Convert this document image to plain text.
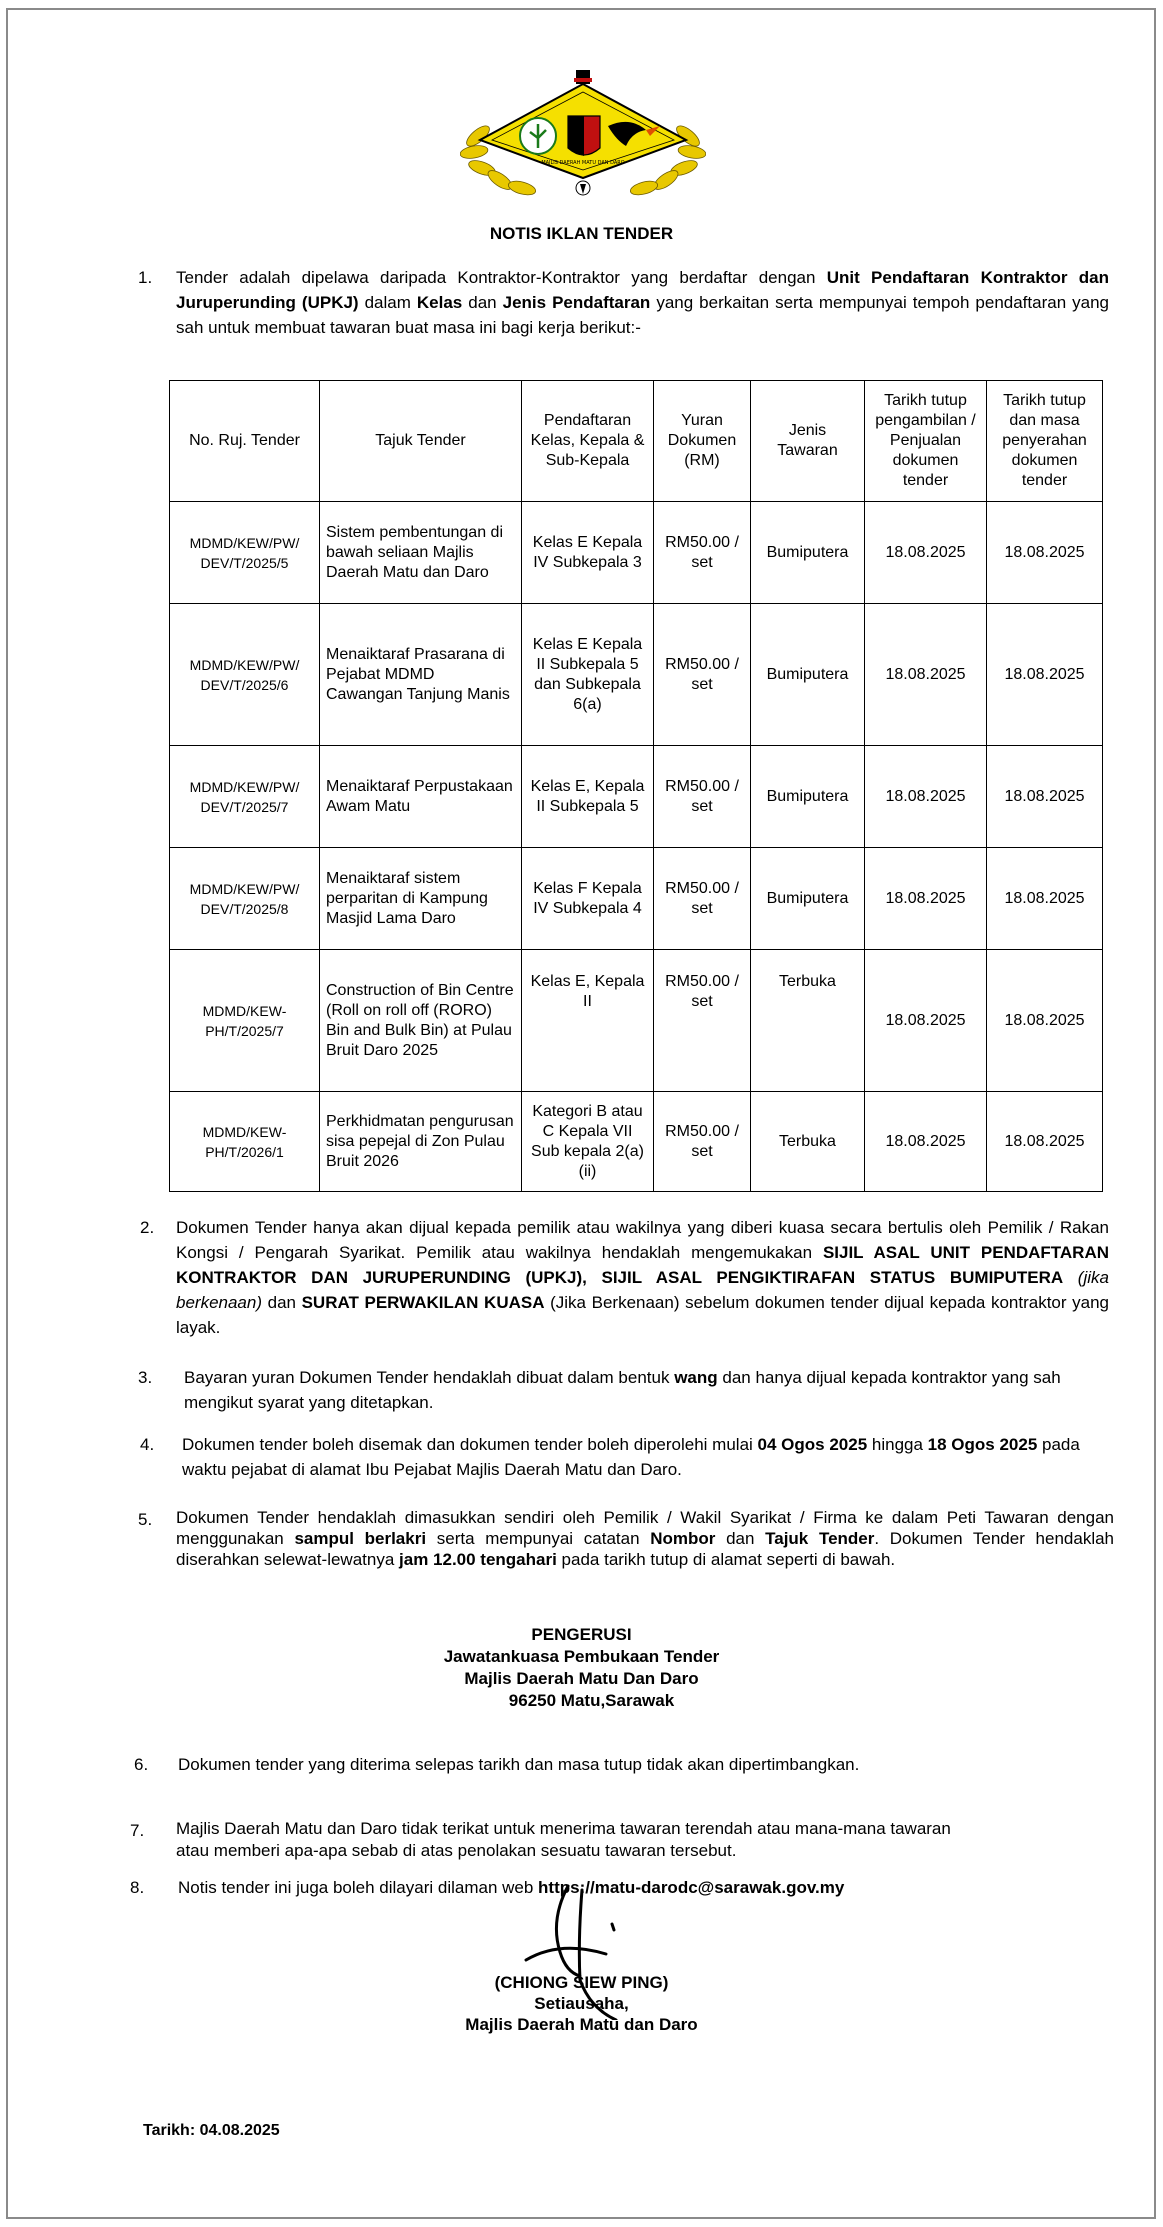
MAJLIS DAERAH MATU DAN DARO
NOTIS IKLAN TENDER
1. Tender adalah dipelawa daripada Kontraktor-Kontraktor yang berdaftar dengan Unit Pendaftaran Kontraktor dan Juruperunding (UPKJ) dalam Kelas dan Jenis Pendaftaran yang berkaitan serta mempunyai tempoh pendaftaran yang sah untuk membuat tawaran buat masa ini bagi kerja berikut:-
No. Ruj. Tender	Tajuk Tender	Pendaftaran Kelas, Kepala & Sub-Kepala	Yuran Dokumen (RM)	Jenis Tawaran	Tarikh tutup pengambilan / Penjualan dokumen tender	Tarikh tutup dan masa penyerahan dokumen tender
MDMD/KEW/PW/ DEV/T/2025/5	Sistem pembentungan di bawah seliaan Majlis Daerah Matu dan Daro	Kelas E Kepala IV Subkepala 3	RM50.00 / set	Bumiputera	18.08.2025	18.08.2025
MDMD/KEW/PW/ DEV/T/2025/6	Menaiktaraf Prasarana di Pejabat MDMD Cawangan Tanjung Manis	Kelas E Kepala II Subkepala 5 dan Subkepala 6(a)	RM50.00 / set	Bumiputera	18.08.2025	18.08.2025
MDMD/KEW/PW/ DEV/T/2025/7	Menaiktaraf Perpustakaan Awam Matu	Kelas E, Kepala II Subkepala 5	RM50.00 / set	Bumiputera	18.08.2025	18.08.2025
MDMD/KEW/PW/ DEV/T/2025/8	Menaiktaraf sistem perparitan di Kampung Masjid Lama Daro	Kelas F Kepala IV Subkepala 4	RM50.00 / set	Bumiputera	18.08.2025	18.08.2025
MDMD/KEW- PH/T/2025/7	Construction of Bin Centre (Roll on roll off (RORO) Bin and Bulk Bin) at Pulau Bruit Daro 2025	Kelas E, Kepala II	RM50.00 / set	Terbuka	18.08.2025	18.08.2025
MDMD/KEW- PH/T/2026/1	Perkhidmatan pengurusan sisa pepejal di Zon Pulau Bruit 2026	Kategori B atau C Kepala VII Sub kepala 2(a) (ii)	RM50.00 / set	Terbuka	18.08.2025	18.08.2025
2. Dokumen Tender hanya akan dijual kepada pemilik atau wakilnya yang diberi kuasa secara bertulis oleh Pemilik / Rakan Kongsi / Pengarah Syarikat. Pemilik atau wakilnya hendaklah mengemukakan SIJIL ASAL UNIT PENDAFTARAN KONTRAKTOR DAN JURUPERUNDING (UPKJ), SIJIL ASAL PENGIKTIRAFAN STATUS BUMIPUTERA (jika berkenaan) dan SURAT PERWAKILAN KUASA (Jika Berkenaan) sebelum dokumen tender dijual kepada kontraktor yang layak.
3. Bayaran yuran Dokumen Tender hendaklah dibuat dalam bentuk wang dan hanya dijual kepada kontraktor yang sah mengikut syarat yang ditetapkan.
4. Dokumen tender boleh disemak dan dokumen tender boleh diperolehi mulai 04 Ogos 2025 hingga 18 Ogos 2025 pada waktu pejabat di alamat Ibu Pejabat Majlis Daerah Matu dan Daro.
5. Dokumen Tender hendaklah dimasukkan sendiri oleh Pemilik / Wakil Syarikat / Firma ke dalam Peti Tawaran dengan menggunakan sampul berlakri serta mempunyai catatan Nombor dan Tajuk Tender. Dokumen Tender hendaklah diserahkan selewat-lewatnya jam 12.00 tengahari pada tarikh tutup di alamat seperti di bawah.
PENGERUSI
Jawatankuasa Pembukaan Tender
Majlis Daerah Matu Dan Daro
96250 Matu,Sarawak
6. Dokumen tender yang diterima selepas tarikh dan masa tutup tidak akan dipertimbangkan.
7. Majlis Daerah Matu dan Daro tidak terikat untuk menerima tawaran terendah atau mana-mana tawaran
atau memberi apa-apa sebab di atas penolakan sesuatu tawaran tersebut.
8. Notis tender ini juga boleh dilayari dilaman web https://matu-darodc@sarawak.gov.my
(CHIONG SIEW PING)
Setiausaha,
Majlis Daerah Matu dan Daro
Tarikh: 04.08.2025
